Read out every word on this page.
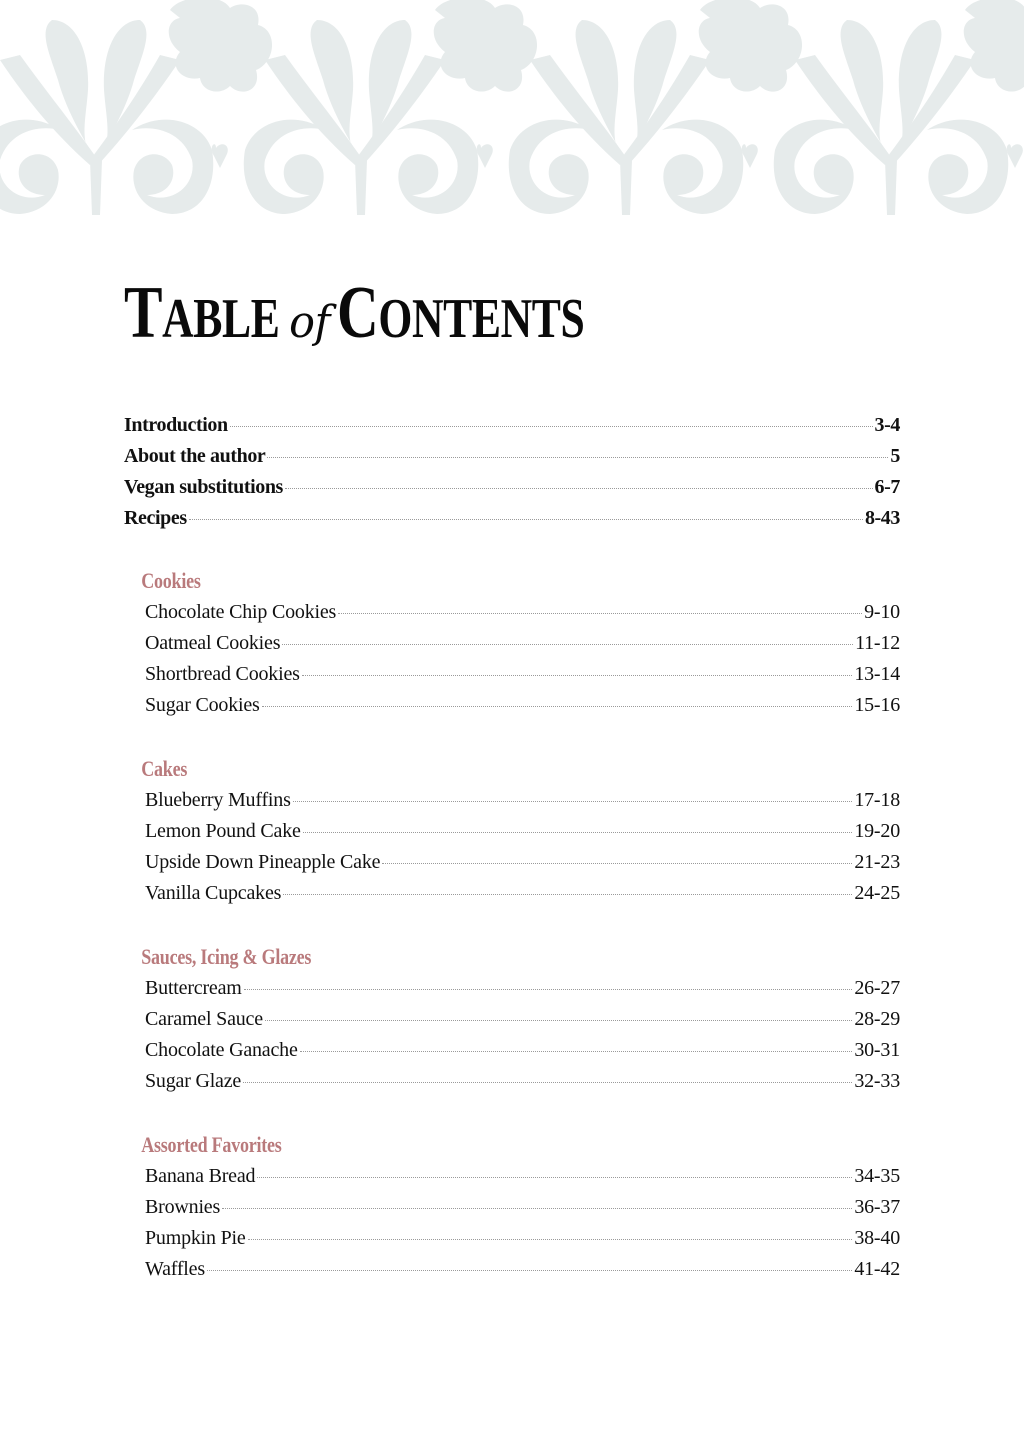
TABLE ofCONTENTS
Introduction	3-4
About the author	5
Vegan substitutions	6-7
Recipes	8-43
Cookies
Chocolate Chip Cookies	9-10
Oatmeal Cookies	11-12
Shortbread Cookies	13-14
Sugar Cookies	15-16
Cakes
Blueberry Muffins	17-18
Lemon Pound Cake	19-20
Upside Down Pineapple Cake	21-23
Vanilla Cupcakes	24-25
Sauces, Icing & Glazes
Buttercream	26-27
Caramel Sauce	28-29
Chocolate Ganache	30-31
Sugar Glaze	32-33
Assorted Favorites
Banana Bread	34-35
Brownies	36-37
Pumpkin Pie	38-40
Waffles	41-42
